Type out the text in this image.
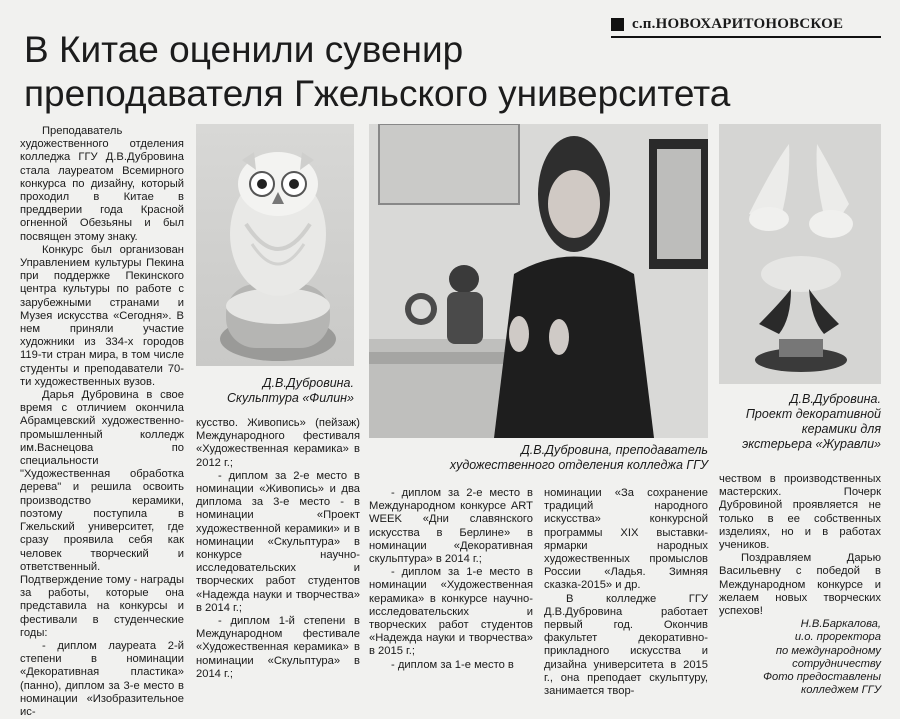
с.п.НОВОХАРИТОНОВСКОЕ
В Китае оценили сувенир
преподавателя Гжельского университета

Преподаватель художественного отделения колледжа ГГУ Д.В.Дубровина стала лауреатом Всемирного конкурса по дизайну, который проходил в Китае в преддверии года Красной огненной Обезьяны и был посвящен этому знаку.

Конкурс был организован Управлением культуры Пекина при поддержке Пекинского центра культуры по работе с зарубежными странами и Музея искусства «Сегодня». В нем приняли участие художники из 334-х городов 119-ти стран мира, в том числе студенты и преподаватели 70-ти художественных вузов.

Дарья Дубровина в свое время с отличием окончила Абрамцевский художественно-промышленный колледж им.Васнецова по специальности "Художественная обработка дерева" и решила освоить производство керамики, поэтому поступила в Гжельский университет, где сразу проявила себя как человек творческий и ответственный. Подтверждение тому - награды за работы, которые она представила на конкурсы и фестивали в студенческие годы:

- диплом лауреата 2-й степени в номинации «Декоративная пластика» (панно), диплом за 3-е место в номинации «Изобразительное ис-

Д.В.Дубровина.
Скульптура «Филин»
Д.В.Дубровина, преподаватель
художественного отделения колледжа ГГУ
Д.В.Дубровина.
Проект декоративной
керамики для
экстерьера «Журавли»

кусство. Живопись» (пейзаж) Международного фестиваля «Художественная керамика» в 2012 г.;

- диплом за 2-е место в номинации «Живопись» и два диплома за 3-е место - в номинации «Проект художественной керамики» и в номинации «Скульптура» в конкурсе научно-исследовательских и творческих работ студентов «Надежда науки и творчества» в 2014 г.;

- диплом 1-й степени в Международном фестивале «Художественная керамика» в номинации «Скульптура» в 2014 г.;

- диплом за 2-е место в Международном конкурсе ART WEEK «Дни славянского искусства в Берлине» в номинации «Декоративная скульптура» в 2014 г.;

- диплом за 1-е место в номинации «Художественная керамика» в конкурсе научно-исследовательских и творческих работ студентов «Надежда науки и творчества» в 2015 г.;

- диплом за 1-е место в

номинации «За сохранение традиций народного искусства» конкурсной программы XIX выставки-ярмарки народных художественных промыслов России «Ладья. Зимняя сказка-2015» и др.

В колледже ГГУ Д.В.Дубровина работает первый год. Окончив факультет декоративно-прикладного искусства и дизайна университета в 2015 г., она преподает скульптуру, занимается твор-

чеством в производственных мастерских. Почерк Дубровиной проявляется не только в ее собственных изделиях, но и в работах учеников.

Поздравляем Дарью Васильевну с победой в Международном конкурсе и желаем новых творческих успехов!

Н.В.Баркалова,
и.о. проректора
по международному
сотрудничеству
Фото предоставлены
колледжем ГГУ
